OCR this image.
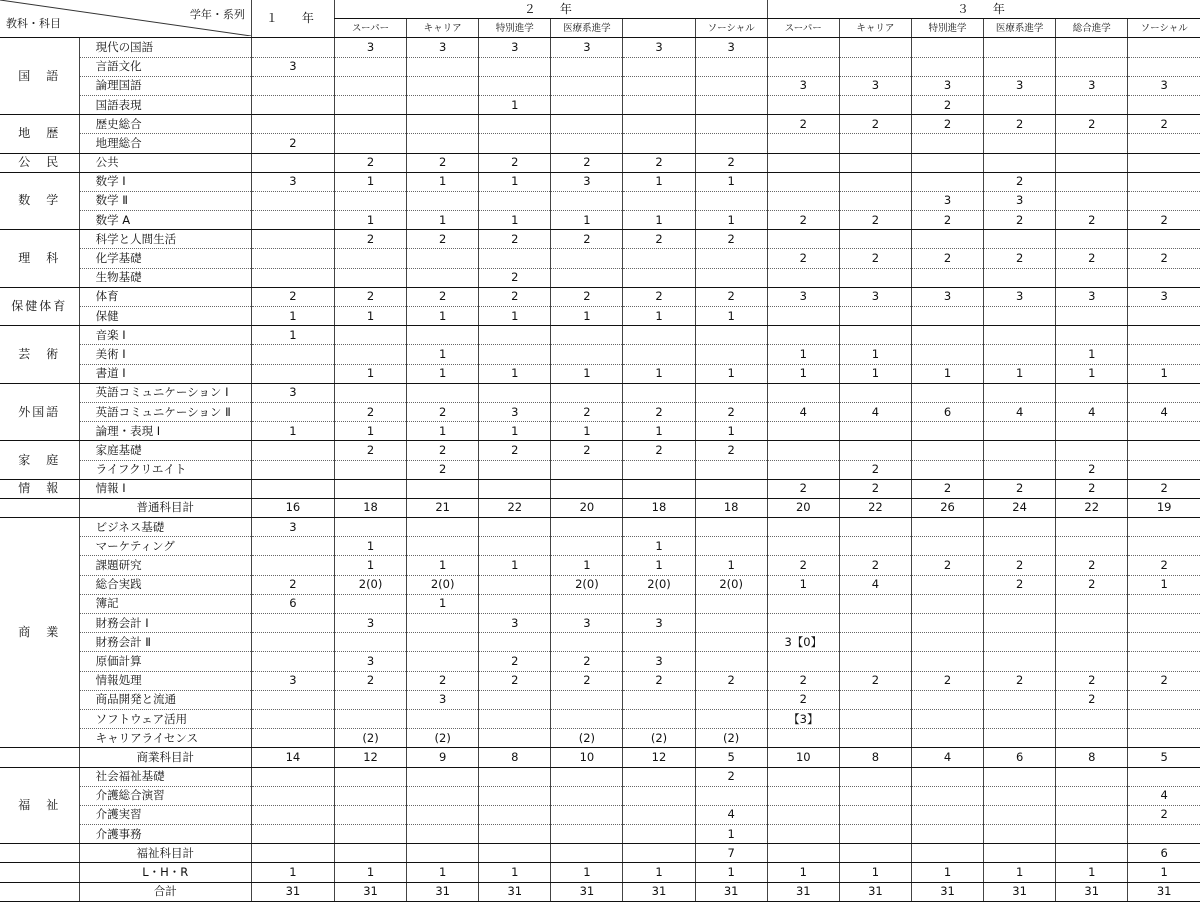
学年・系列
教科・科目		１　年	２　年						３　年					
			スーパー	キャリア	特別進学	医療系進学		ソーシャル	スーパー	キャリア	特別進学	医療系進学	総合進学	ソーシャル
国　語	現代の国語		3	3	3	3	3	3						
	言語文化	3												
	論理国語								3	3	3	3	3	3
	国語表現				1						2			
地　歴	歴史総合								2	2	2	2	2	2
	地理総合	2												
公　民	公共		2	2	2	2	2	2						
数　学	数学 Ⅰ	3	1	1	1	3	1	1				2		
	数学 Ⅱ										3	3		
	数学 A		1	1	1	1	1	1	2	2	2	2	2	2
理　科	科学と人間生活		2	2	2	2	2	2						
	化学基礎								2	2	2	2	2	2
	生物基礎				2									
保健体育	体育	2	2	2	2	2	2	2	3	3	3	3	3	3
	保健	1	1	1	1	1	1	1						
芸　術	音楽 Ⅰ	1												
	美術 Ⅰ			1					1	1			1	
	書道 Ⅰ		1	1	1	1	1	1	1	1	1	1	1	1
外国語	英語コミュニケーション Ⅰ	3												
	英語コミュニケーション Ⅱ		2	2	3	2	2	2	4	4	6	4	4	4
	論理・表現 Ⅰ	1	1	1	1	1	1	1						
家　庭	家庭基礎		2	2	2	2	2	2						
	ライフクリエイト			2						2			2	
情　報	情報 Ⅰ								2	2	2	2	2	2
	普通科目計	16	18	21	22	20	18	18	20	22	26	24	22	19
商　業	ビジネス基礎	3												
	マーケティング		1				1							
	課題研究		1	1	1	1	1	1	2	2	2	2	2	2
	総合実践	2	2(0)	2(0)		2(0)	2(0)	2(0)	1	4		2	2	1
	簿記	6		1										
	財務会計 Ⅰ		3		3	3	3							
	財務会計 Ⅱ								3【0】					
	原価計算		3		2	2	3							
	情報処理	3	2	2	2	2	2	2	2	2	2	2	2	2
	商品開発と流通			3					2				2	
	ソフトウェア活用								【3】					
	キャリアライセンス		(2)	(2)		(2)	(2)	(2)						
	商業科目計	14	12	9	8	10	12	5	10	8	4	6	8	5
福　祉	社会福祉基礎							2						
	介護総合演習													4
	介護実習							4						2
	介護事務							1						
	福祉科目計							7						6
	L・H・R	1	1	1	1	1	1	1	1	1	1	1	1	1
	合計	31	31	31	31	31	31	31	31	31	31	31	31	31
